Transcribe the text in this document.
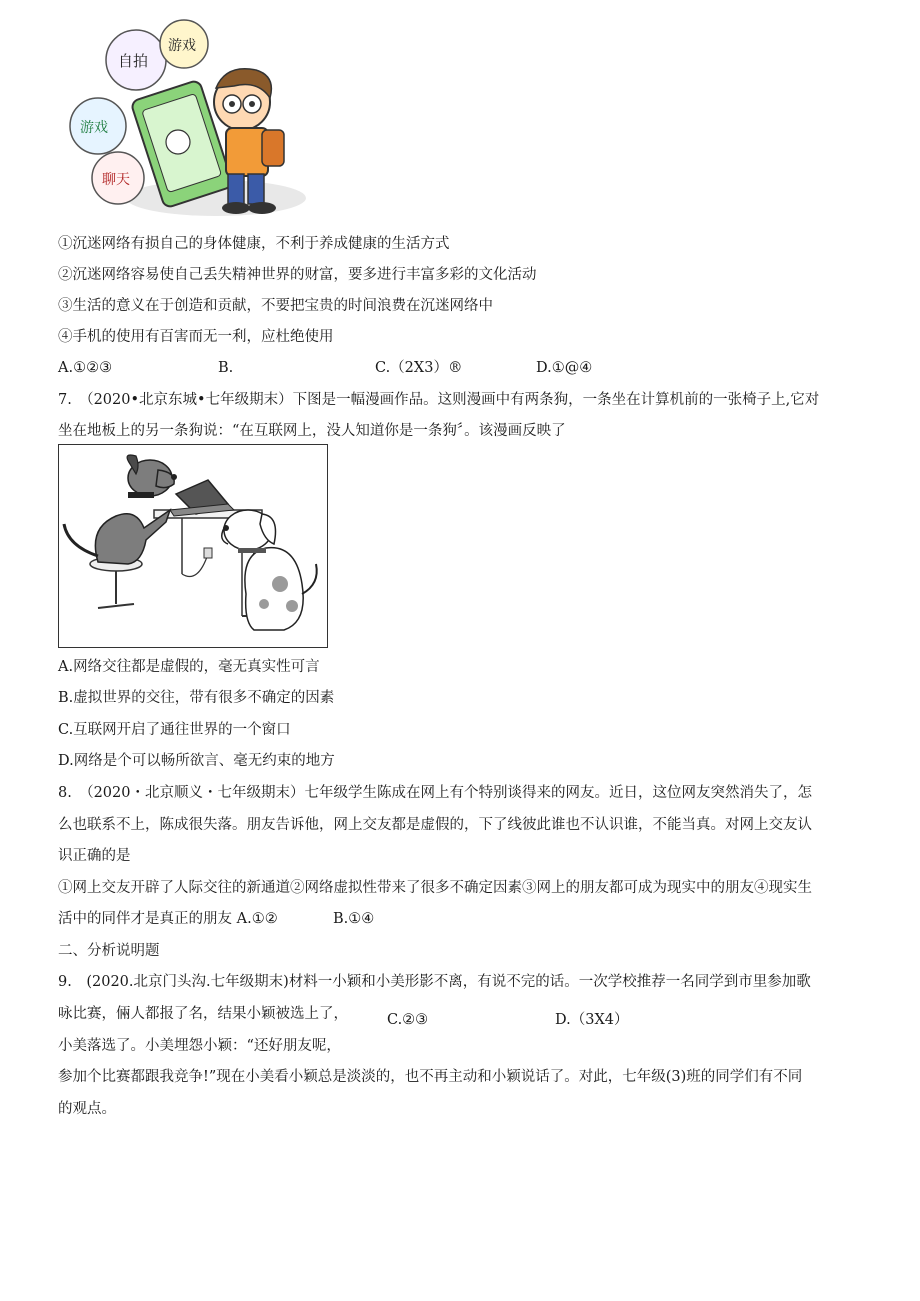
自拍
游戏
游戏
聊天
①沉迷网络有损自己的身体健康，不利于养成健康的生活方式
②沉迷网络容易使自己丢失精神世界的财富，要多进行丰富多彩的文化活动
③生活的意义在于创造和贡献，不要把宝贵的时间浪费在沉迷网络中
④手机的使用有百害而无一利，应杜绝使用
A.①②③	B.	C.（2X3）®	D.①@④
7.　（2020•北京东城•七年级期末）下图是一幅漫画作品。这则漫画中有两条狗，一条坐在计算机前的一张椅子上,它对
坐在地板上的另一条狗说：“在互联网上，没人知道你是一条狗〞。该漫画反映了
A.网络交往都是虚假的，毫无真实性可言
B.虚拟世界的交往，带有很多不确定的因素
C.互联网开启了通往世界的一个窗口
D.网络是个可以畅所欲言、毫无约束的地方
8.　（2020・北京顺义・七年级期末）七年级学生陈成在网上有个特别谈得来的网友。近日，这位网友突然消失了，怎
么也联系不上，陈成很失落。朋友告诉他，网上交友都是虚假的，下了线彼此谁也不认识谁，不能当真。对网上交友认
识正确的是
①网上交友开辟了人际交往的新通道②网络虚拟性带来了很多不确定因素③网上的朋友都可成为现实中的朋友④现实生
活中的同伴才是真正的朋友 A.①②	B.①④
二、分析说明题
9.　(2020.北京门头沟.七年级期末)材料一小颖和小美形影不离，有说不完的话。一次学校推荐一名同学到市里参加歌
咏比赛，倆人都报了名，结果小颖被选上了，	C.②③	D.（3X4）
小美落选了。小美埋怨小颖：“还好朋友呢，
参加个比赛都跟我竞争!”现在小美看小颖总是淡淡的，也不再主动和小颖说话了。对此，七年级(3)班的同学们有不同
的观点。
